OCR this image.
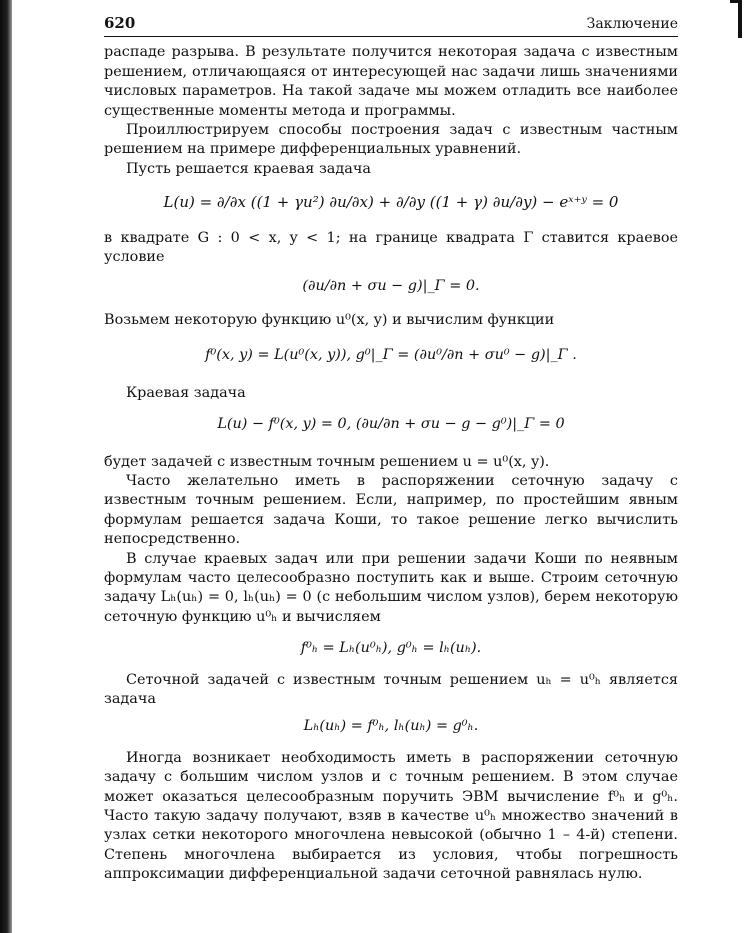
620	Заключение

распаде разрыва. В результате получится некоторая задача с известным решением, отличающаяся от интересующей нас задачи лишь значениями числовых параметров. На такой задаче мы можем отладить все наиболее существенные моменты метода и программы.

Проиллюстрируем способы построения задач с известным частным решением на примере дифференциальных уравнений.

Пусть решается краевая задача

L(u) = ∂/∂x ((1 + γu²) ∂u/∂x) + ∂/∂y ((1 + γ) ∂u/∂y) − eˣ⁺ʸ = 0

в квадрате G : 0 < x, y < 1; на границе квадрата Γ ставится краевое условие

(∂u/∂n + σu − g)|_Γ = 0.

Возьмем некоторую функцию u⁰(x, y) и вычислим функции

f⁰(x, y) = L(u⁰(x, y)), g⁰|_Γ = (∂u⁰/∂n + σu⁰ − g)|_Γ .

Краевая задача

L(u) − f⁰(x, y) = 0, (∂u/∂n + σu − g − g⁰)|_Γ = 0

будет задачей с известным точным решением u = u⁰(x, y).

Часто желательно иметь в распоряжении сеточную задачу с известным точным решением. Если, например, по простейшим явным формулам решается задача Коши, то такое решение легко вычислить непосредственно.

В случае краевых задач или при решении задачи Коши по неявным формулам часто целесообразно поступить как и выше. Строим сеточную задачу Lₕ(uₕ) = 0, lₕ(uₕ) = 0 (с небольшим числом узлов), берем некоторую сеточную функцию u⁰ₕ и вычисляем

f⁰ₕ = Lₕ(u⁰ₕ), g⁰ₕ = lₕ(uₕ).

Сеточной задачей с известным точным решением uₕ = u⁰ₕ является задача

Lₕ(uₕ) = f⁰ₕ, lₕ(uₕ) = g⁰ₕ.

Иногда возникает необходимость иметь в распоряжении сеточную задачу с большим числом узлов и с точным решением. В этом случае может оказаться целесообразным поручить ЭВМ вычисление f⁰ₕ и g⁰ₕ. Часто такую задачу получают, взяв в качестве u⁰ₕ множество значений в узлах сетки некоторого многочлена невысокой (обычно 1 – 4-й) степени. Степень многочлена выбирается из условия, чтобы погрешность аппроксимации дифференциальной задачи сеточной равнялась нулю.
